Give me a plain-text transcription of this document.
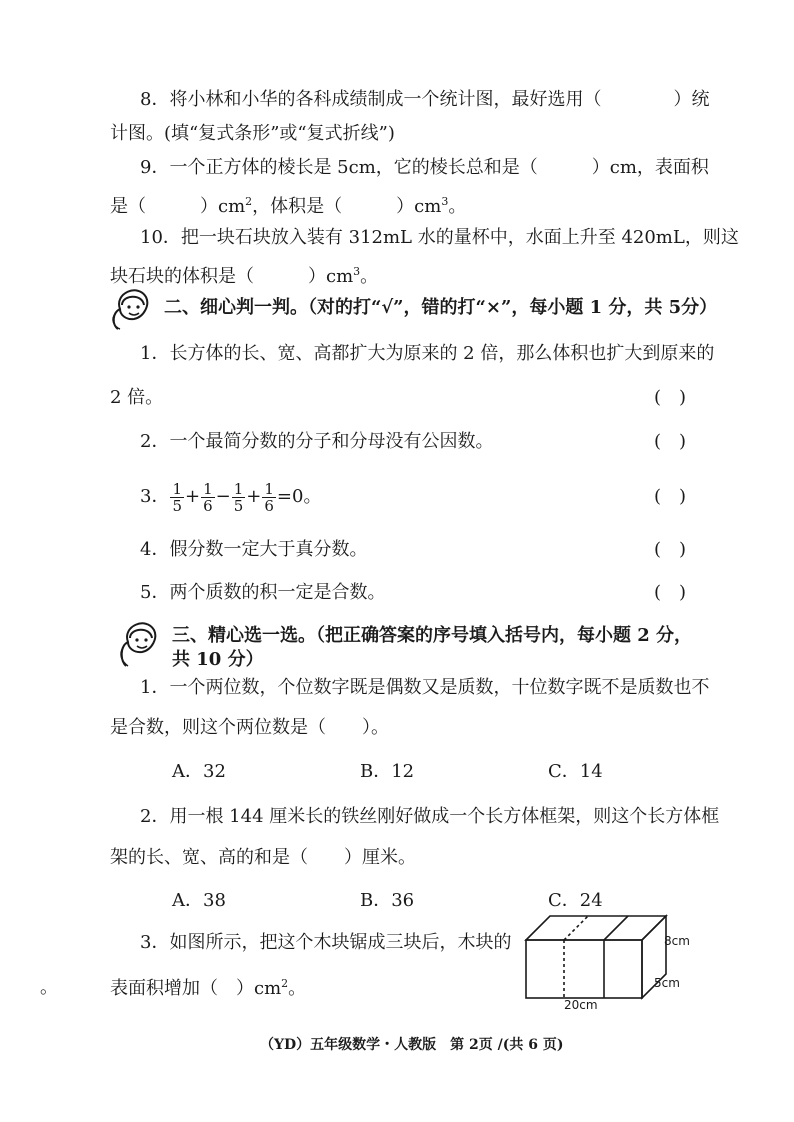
8．将小林和小华的各科成绩制成一个统计图，最好选用（　　　　）统
计图。(填“复式条形”或“复式折线”)
9．一个正方体的棱长是 5cm，它的棱长总和是（　　　）cm，表面积
是（　　　）$cm^2$，体积是（　　　）$cm^3$。
10．把一块石块放入装有 312mL 水的量杯中，水面上升至 420mL，则这
块石块的体积是（　　　）$cm^3$。
二、细心判一判。（对的打“√”，错的打“×”，每小题 1 分，共 5分）
1．长方体的长、宽、高都扩大为原来的 2 倍，那么体积也扩大到原来的
2 倍。	(　)
2．一个最简分数的分子和分母没有公因数。	(　)
3． $\frac{1}{5} + \frac{1}{6} - \frac{1}{5} + \frac{1}{6} =0$。	(　)
4．假分数一定大于真分数。	(　)
5．两个质数的积一定是合数。	(　)
三、精心选一选。（把正确答案的序号填入括号内，每小题 2 分，
共 10 分）
1．一个两位数，个位数字既是偶数又是质数，十位数字既不是质数也不
是合数，则这个两位数是（　　）。
A．32	B．12	C．14
2．用一根 144 厘米长的铁丝刚好做成一个长方体框架，则这个长方体框
架的长、宽、高的和是（　　）厘米。
A．38	B．36	C．24
3．如图所示，把这个木块锯成三块后，木块的
表面积增加（　）$cm^2$。
。
8cm
5cm
20cm
（YD）五年级数学・人教版　第 2页 /(共 6 页)
